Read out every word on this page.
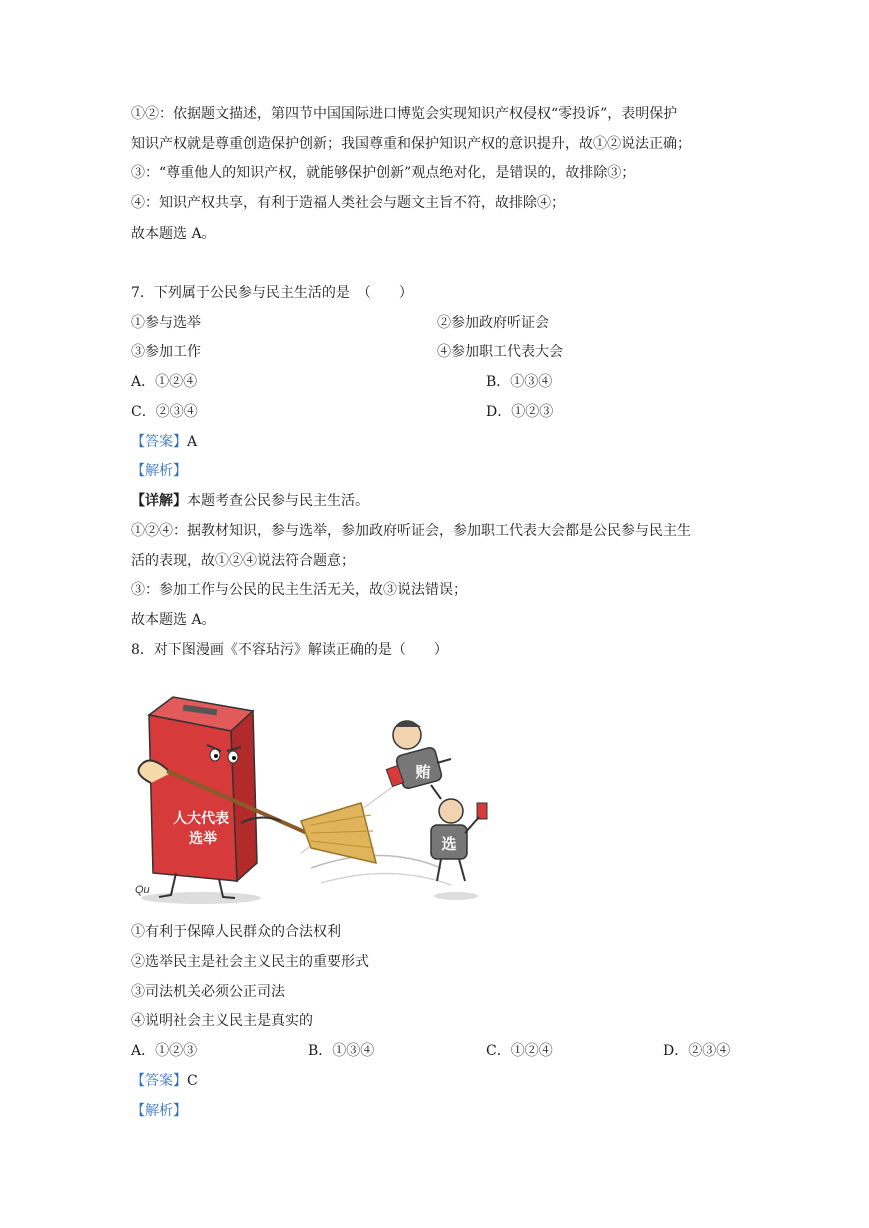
①②：依据题文描述，第四节中国国际进口博览会实现知识产权侵权“零投诉”，表明保护
知识产权就是尊重创造保护创新；我国尊重和保护知识产权的意识提升，故①②说法正确；
③：“尊重他人的知识产权，就能够保护创新”观点绝对化，是错误的，故排除③；
④：知识产权共享，有利于造福人类社会与题文主旨不符，故排除④；
故本题选 A。
7．下列属于公民参与民主生活的是　（　　）
①参与选举	②参加政府听证会
③参加工作	④参加职工代表大会
A．①②④	B．①③④
C．②③④	D．①②③
【答案】A
【解析】
【详解】本题考查公民参与民主生活。
①②④：据教材知识，参与选举，参加政府听证会，参加职工代表大会都是公民参与民主生
活的表现，故①②④说法符合题意；
③：参加工作与公民的民主生活无关，故③说法错误；
故本题选 A。
8．对下图漫画《不容玷污》解读正确的是（　　）
人大代表
选举
贿
选
Qu
①有利于保障人民群众的合法权利
②选举民主是社会主义民主的重要形式
③司法机关必须公正司法
④说明社会主义民主是真实的
A．①②③	B．①③④	C．①②④	D．②③④
【答案】C
【解析】
